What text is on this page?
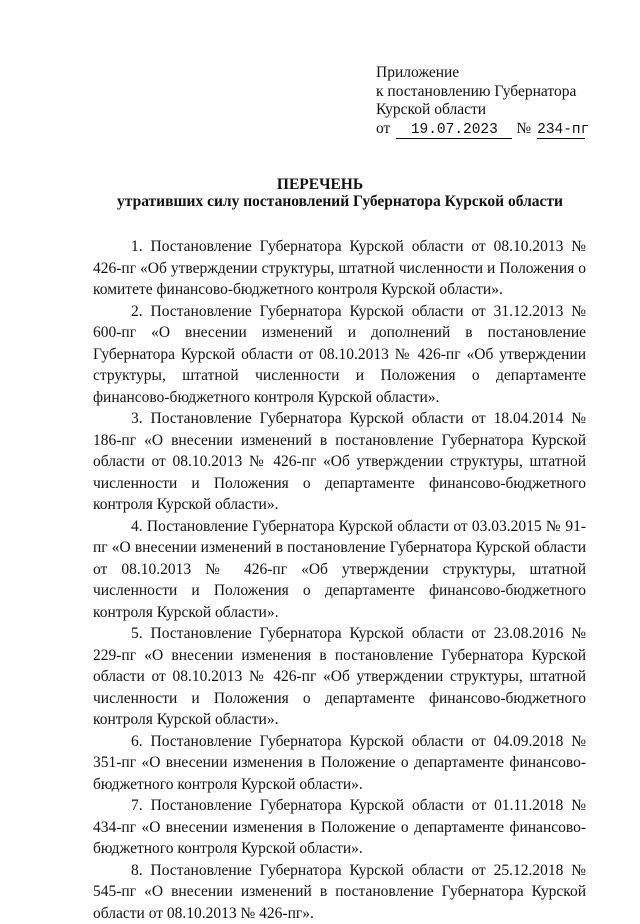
Приложение
к постановлению Губернатора
Курской области
от 19.07.2023 № 234-пг
ПЕРЕЧЕНЬ
утративших силу постановлений Губернатора Курской области

1. Постановление Губернатора Курской области от 08.10.2013 № 426-пг «Об утверждении структуры, штатной численности и Положения о комитете финансово-бюджетного контроля Курской области».

2. Постановление Губернатора Курской области от 31.12.2013 № 600-пг «О внесении изменений и дополнений в постановление Губернатора Курской области от 08.10.2013 № 426-пг «Об утверждении структуры, штатной численности и Положения о департаменте финансово-бюджетного контроля Курской области».

3. Постановление Губернатора Курской области от 18.04.2014 № 186-пг «О внесении изменений в постановление Губернатора Курской области от 08.10.2013 № 426-пг «Об утверждении структуры, штатной численности и Положения о департаменте финансово-бюджетного контроля Курской области».

4. Постановление Губернатора Курской области от 03.03.2015 № 91-пг «О внесении изменений в постановление Губернатора Курской области от 08.10.2013 № 426-пг «Об утверждении структуры, штатной численности и Положения о департаменте финансово-бюджетного контроля Курской области».

5. Постановление Губернатора Курской области от 23.08.2016 № 229-пг «О внесении изменения в постановление Губернатора Курской области от 08.10.2013 № 426-пг «Об утверждении структуры, штатной численности и Положения о департаменте финансово-бюджетного контроля Курской области».

6. Постановление Губернатора Курской области от 04.09.2018 № 351-пг «О внесении изменения в Положение о департаменте финансово-бюджетного контроля Курской области».

7. Постановление Губернатора Курской области от 01.11.2018 № 434-пг «О внесении изменения в Положение о департаменте финансово-бюджетного контроля Курской области».

8. Постановление Губернатора Курской области от 25.12.2018 № 545-пг «О внесении изменений в постановление Губернатора Курской области от 08.10.2013 № 426-пг».
